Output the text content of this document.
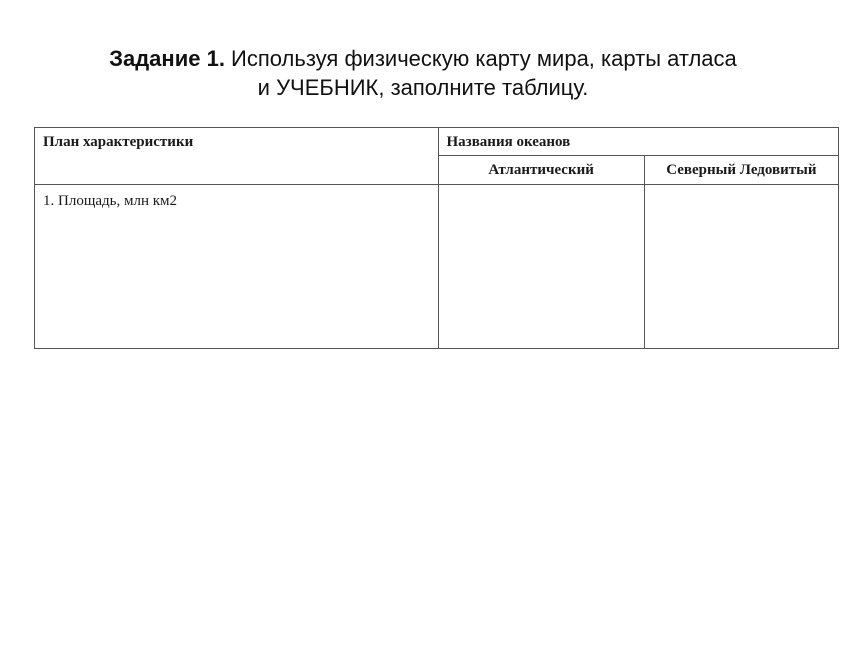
Задание 1. Используя физическую карту мира, карты атласа
и УЧЕБНИК, заполните таблицу.
План характеристики	Названия океанов	
	Атлантический	Северный Ледовитый
1. Площадь, млн км2		
